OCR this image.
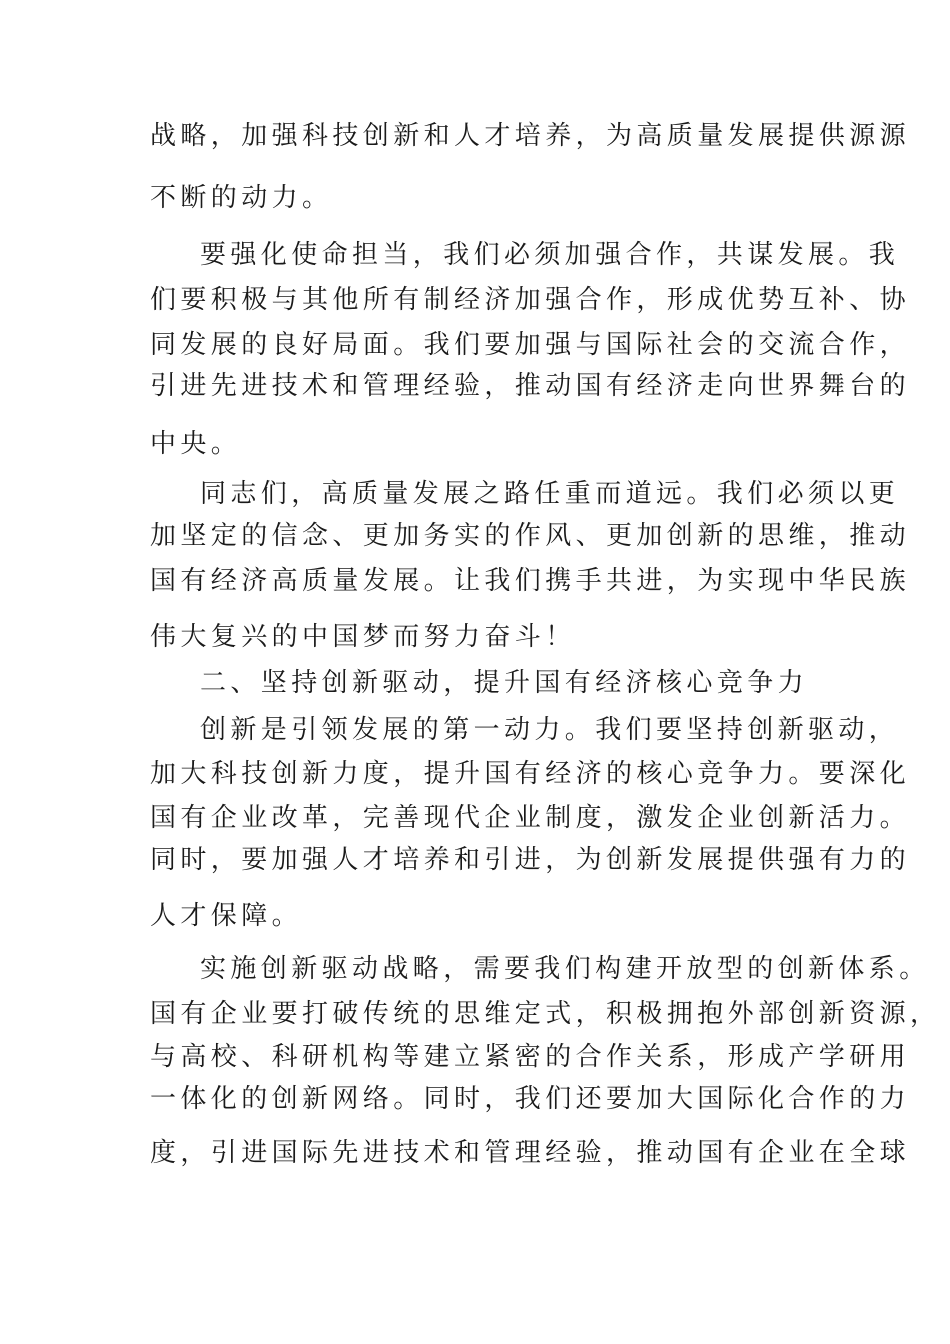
战略，加强科技创新和人才培养，为高质量发展提供源源
不断的动力。
要强化使命担当，我们必须加强合作，共谋发展。我
们要积极与其他所有制经济加强合作，形成优势互补、协
同发展的良好局面。我们要加强与国际社会的交流合作，
引进先进技术和管理经验，推动国有经济走向世界舞台的
中央。
同志们，高质量发展之路任重而道远。我们必须以更
加坚定的信念、更加务实的作风、更加创新的思维，推动
国有经济高质量发展。让我们携手共进，为实现中华民族
伟大复兴的中国梦而努力奋斗！
二、坚持创新驱动，提升国有经济核心竞争力
创新是引领发展的第一动力。我们要坚持创新驱动，
加大科技创新力度，提升国有经济的核心竞争力。要深化
国有企业改革，完善现代企业制度，激发企业创新活力。
同时，要加强人才培养和引进，为创新发展提供强有力的
人才保障。
实施创新驱动战略，需要我们构建开放型的创新体系。
国有企业要打破传统的思维定式，积极拥抱外部创新资源，
与高校、科研机构等建立紧密的合作关系，形成产学研用
一体化的创新网络。同时，我们还要加大国际化合作的力
度，引进国际先进技术和管理经验，推动国有企业在全球
